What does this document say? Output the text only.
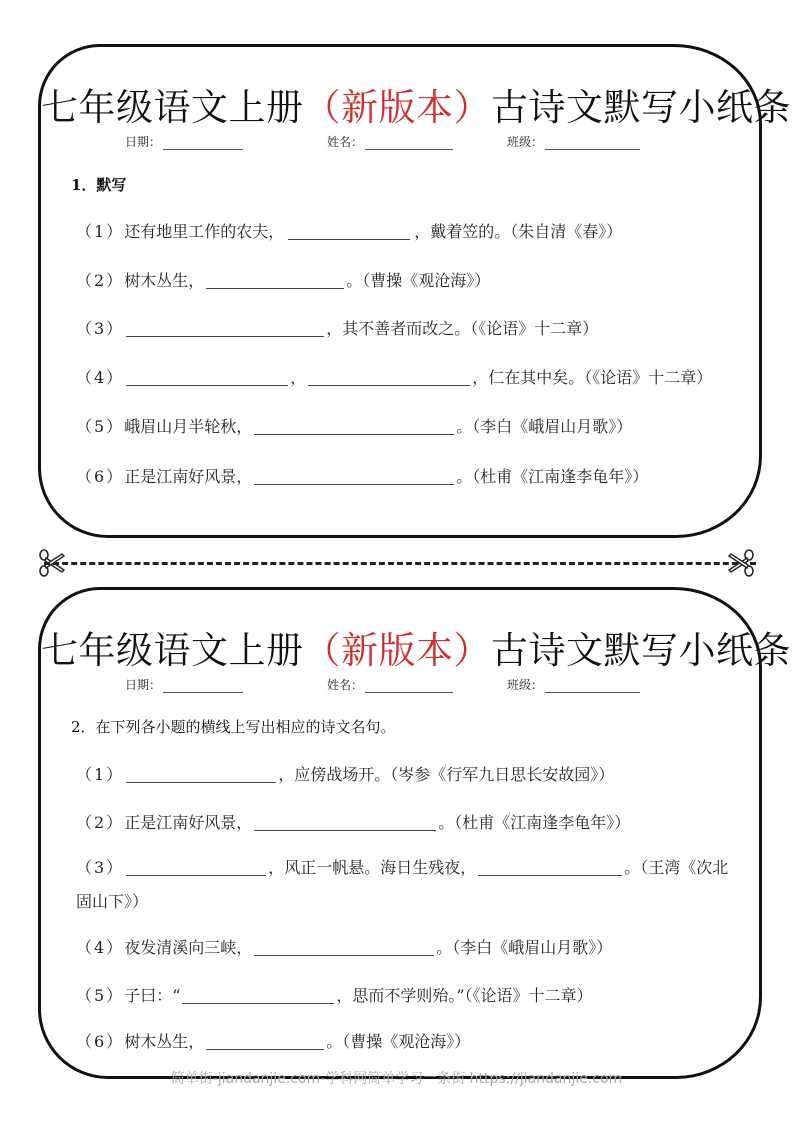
七年级语文上册（新版本）古诗文默写小纸条
日期：	姓名：	班级：
1．默写
（1）还有地里工作的农夫，	，戴着笠的。（朱自清《春》）
（2）树木丛生，	。（曹操《观沧海》）
（3）	，其不善者而改之。（《论语》十二章）
（4）	，	，仁在其中矣。（《论语》十二章）
（5）峨眉山月半轮秋，	。（李白《峨眉山月歌》）
（6）正是江南好风景，	。（杜甫《江南逢李龟年》）
七年级语文上册（新版本）古诗文默写小纸条
日期：	姓名：	班级：
2．在下列各小题的横线上写出相应的诗文名句。
（1）	，应傍战场开。（岑参《行军九日思长安故园》）
（2）正是江南好风景，	。（杜甫《江南逢李龟年》）
（3）	，风正一帆悬。海日生残夜，	。（王湾《次北固山下》）
（4）夜发清溪向三峡，	。（李白《峨眉山月歌》）
（5）子曰：“	，思而不学则殆。”（《论语》十二章）
（6）树木丛生，	。（曹操《观沧海》）
简单街-jiandanjie.com-学科网简单学习一条街 https://jiandanjie.com
